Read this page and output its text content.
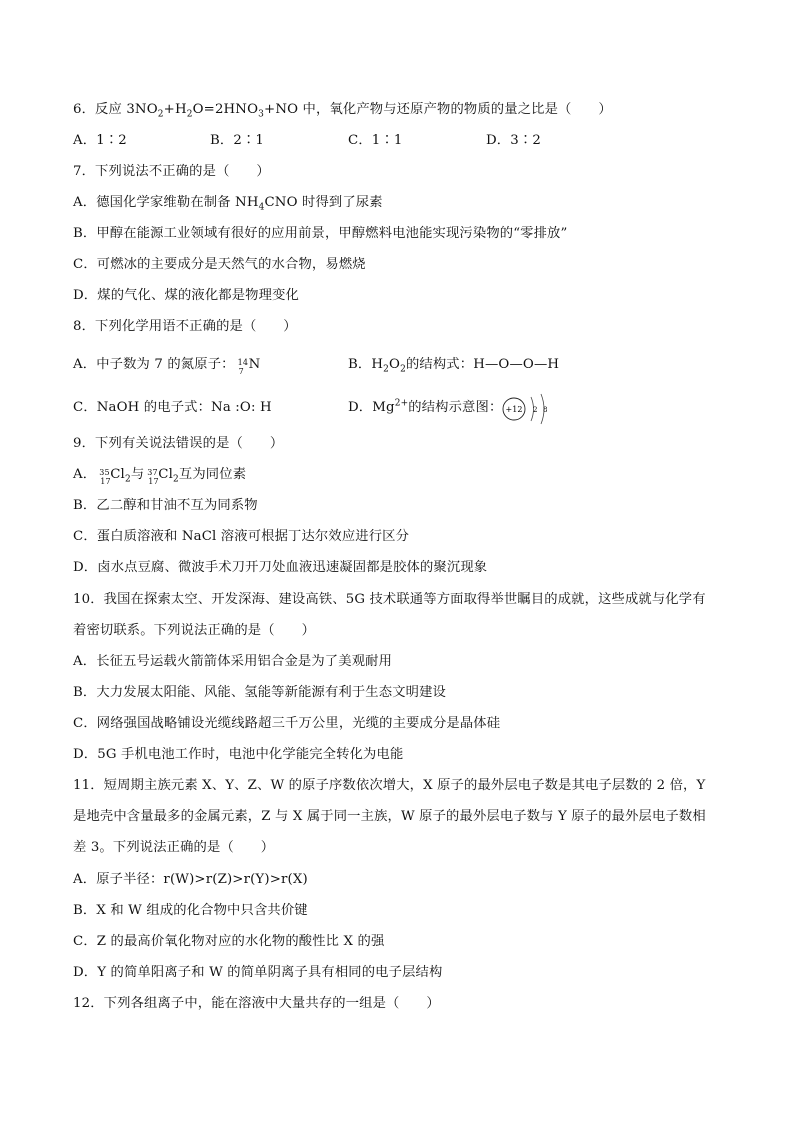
6．反应 $3NO_2+H_2O=2HNO_3+NO$ 中，氧化产物与还原产物的物质的量之比是（　　）
A．1∶2	B．2∶1	C．1∶1	D．3∶2
7．下列说法不正确的是（　　）
A．德国化学家维勒在制备 $NH_4CNO$ 时得到了尿素
B．甲醇在能源工业领域有很好的应用前景，甲醇燃料电池能实现污染物的“零排放”
C．可燃冰的主要成分是天然气的水合物，易燃烧
D．煤的气化、煤的液化都是物理变化
8．下列化学用语不正确的是（　　）
A．中子数为 7 的氮原子： 14
7 N	B．$H_2O_2$的结构式：H—O—O—H
C．NaOH 的电子式：Na :O: H	D．$Mg^{2+}$的结构示意图： +12 2 8
9．下列有关说法错误的是（　　）
A． 35
17 $Cl_2$与 37
17 $Cl_2$互为同位素
B．乙二醇和甘油不互为同系物
C．蛋白质溶液和 NaCl 溶液可根据丁达尔效应进行区分
D．卤水点豆腐、微波手术刀开刀处血液迅速凝固都是胶体的聚沉现象
10．我国在探索太空、开发深海、建设高铁、5G 技术联通等方面取得举世瞩目的成就，这些成就与化学有
着密切联系。下列说法正确的是（　　）
A．长征五号运载火箭箭体采用铝合金是为了美观耐用
B．大力发展太阳能、风能、氢能等新能源有利于生态文明建设
C．网络强国战略铺设光缆线路超三千万公里，光缆的主要成分是晶体硅
D．5G 手机电池工作时，电池中化学能完全转化为电能
11．短周期主族元素 X、Y、Z、W 的原子序数依次增大，X 原子的最外层电子数是其电子层数的 2 倍，Y
是地壳中含量最多的金属元素，Z 与 X 属于同一主族，W 原子的最外层电子数与 Y 原子的最外层电子数相
差 3。下列说法正确的是（　　）
A．原子半径：r(W)>r(Z)>r(Y)>r(X)
B．X 和 W 组成的化合物中只含共价键
C．Z 的最高价氧化物对应的水化物的酸性比 X 的强
D．Y 的简单阳离子和 W 的简单阴离子具有相同的电子层结构
12．下列各组离子中，能在溶液中大量共存的一组是（　　）
